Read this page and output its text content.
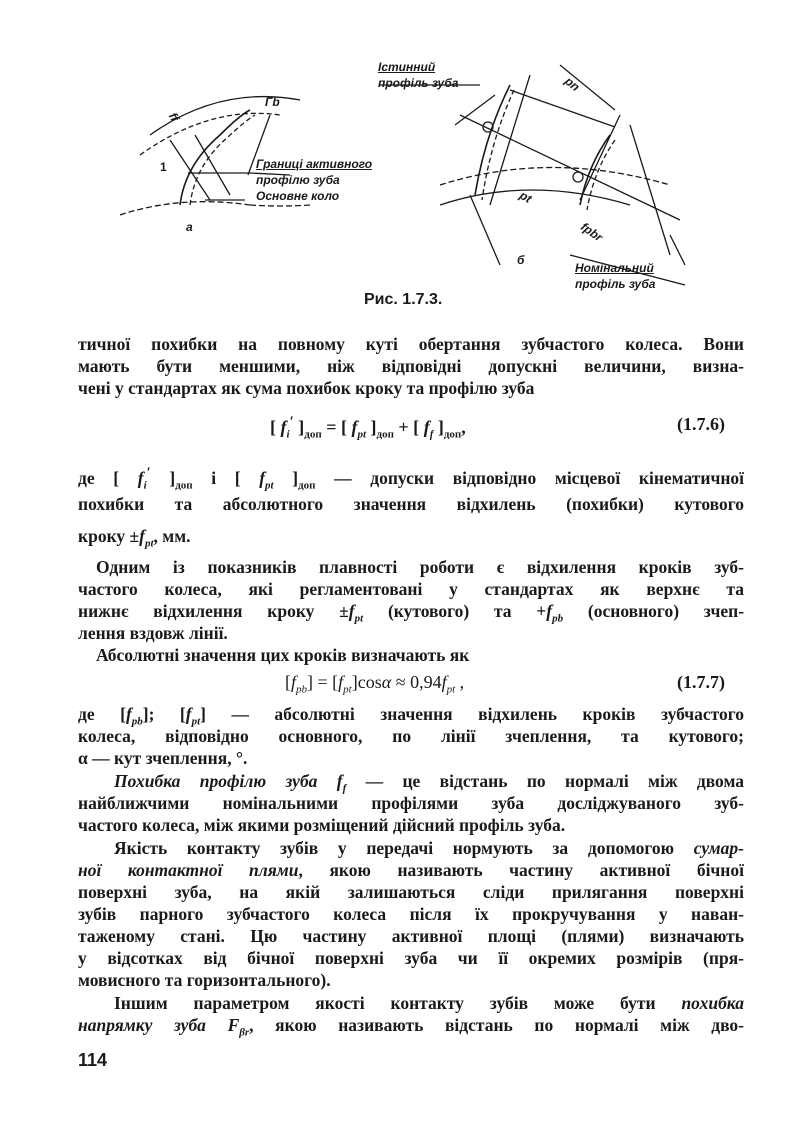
Гb
ff
1
а
Границі активного
профілю зуба
Основне коло
Істинний
профіль зуба	pn
pt
fpbr
б
Номінальний
профіль зуба
Рис. 1.7.3.
тичної похибки на повному куті обертання зубчастого колеса. Вони
мають бути меншими, ніж відповідні допускні величини, визна-
чені у стандартах як сума похибок кроку та профілю зуба
[ $f_i'$ ]$_{доп}$ = [ $f_{pt}$ ]$_{доп}$ + [ $f_f$ ]$_{доп}$,	(1.7.6)
де [ $f_i'$ ]$_{доп}$ і [ $f_{pt}$ ]$_{доп}$ — допуски відповідно місцевої кінематичної
похибки та абсолютного значення відхилень (похибки) кутового
кроку $\pm f_{pt}$, мм.
Одним із показників плавності роботи є відхилення кроків зуб-
частого колеса, які регламентовані у стандартах як верхнє та
нижнє відхилення кроку $\pm f_{pt}$ (кутового) та $+f_{pb}$ (основного) зчеп-
лення вздовж лінії.
Абсолютні значення цих кроків визначають як
$[f_{pb}] = [f_{pt}]\cos\alpha \approx 0,94f_{pt}$ ,	(1.7.7)
де $[f_{pb}]$; $[f_{pt}]$ — абсолютні значення відхилень кроків зубчастого
колеса, відповідно основного, по лінії зчеплення, та кутового;
α — кут зчеплення, °.
Похибка профілю зуба $f_f$ — це відстань по нормалі між двома
найближчими номінальними профілями зуба досліджуваного зуб-
частого колеса, між якими розміщений дійсний профіль зуба.
Якість контакту зубів у передачі нормують за допомогою сумар-
ної контактної плями, якою називають частину активної бічної
поверхні зуба, на якій залишаються сліди прилягання поверхні
зубів парного зубчастого колеса після їх прокручування у наван-
таженому стані. Цю частину активної площі (плями) визначають
у відсотках від бічної поверхні зуба чи її окремих розмірів (пря-
мовисного та горизонтального).
Іншим параметром якості контакту зубів може бути похибка
напрямку зуба $F_{\beta r}$, якою називають відстань по нормалі між дво-
114
